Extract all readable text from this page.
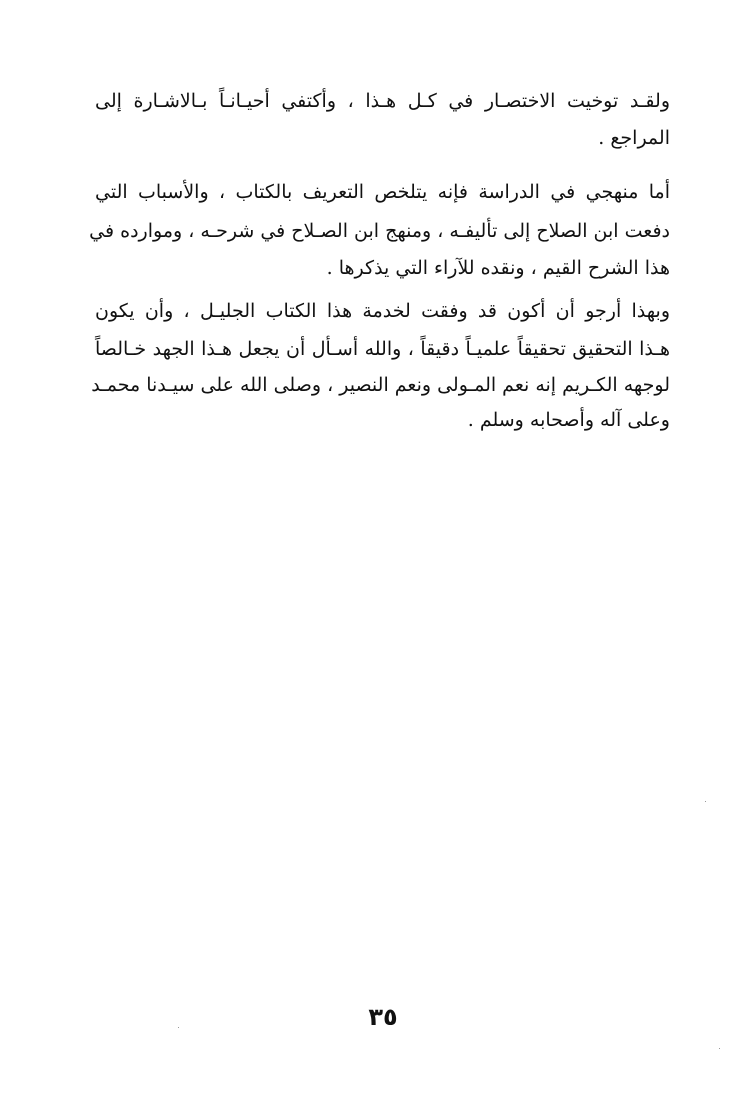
ولقـد توخيت الاختصـار في كـل هـذا ، وأكتفي أحيـانـاً بـالاشـارة إلى
المراجع .
أما منهجي في الدراسة فإنه يتلخص التعريف بالكتاب ، والأسباب التي
دفعت ابن الصلاح إلى تأليفـه ، ومنهج ابن الصـلاح في شرحـه ، وموارده في
هذا الشرح القيم ، ونقده للآراء التي يذكرها .
وبهذا أرجو أن أكون قد وفقت لخدمة هذا الكتاب الجليـل ، وأن يكون
هـذا التحقيق تحقيقاً علميـاً دقيقاً ، والله أسـأل أن يجعل هـذا الجهد خـالصاً
لوجهه الكـريم إنه نعم المـولى ونعم النصير ، وصلى الله على سيـدنا محمـد
وعلى آله وأصحابه وسلم .
٣٥
